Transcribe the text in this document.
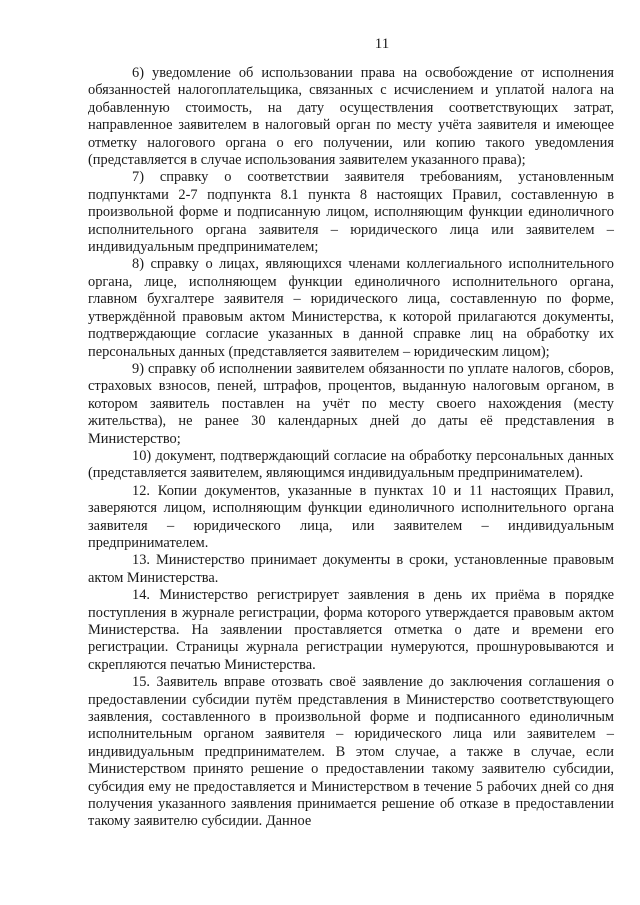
11

6) уведомление об использовании права на освобождение от исполнения обязанностей налогоплательщика, связанных с исчислением и уплатой налога на добавленную стоимость, на дату осуществления соответствующих затрат, направленное заявителем в налоговый орган по месту учёта заявителя и имеющее отметку налогового органа о его получении, или копию такого уведомления (представляется в случае использования заявителем указанного права);

7) справку о соответствии заявителя требованиям, установленным подпунктами 2-7 подпункта 8.1 пункта 8 настоящих Правил, составленную в произвольной форме и подписанную лицом, исполняющим функции единоличного исполнительного органа заявителя – юридического лица или заявителем – индивидуальным предпринимателем;

8) справку о лицах, являющихся членами коллегиального исполнительного органа, лице, исполняющем функции единоличного исполнительного органа, главном бухгалтере заявителя – юридического лица, составленную по форме, утверждённой правовым актом Министерства, к которой прилагаются документы, подтверждающие согласие указанных в данной справке лиц на обработку их персональных данных (представляется заявителем – юридическим лицом);

9) справку об исполнении заявителем обязанности по уплате налогов, сборов, страховых взносов, пеней, штрафов, процентов, выданную налоговым органом, в котором заявитель поставлен на учёт по месту своего нахождения (месту жительства), не ранее 30 календарных дней до даты её представления в Министерство;

10) документ, подтверждающий согласие на обработку персональных данных (представляется заявителем, являющимся индивидуальным предпринимателем).

12. Копии документов, указанные в пунктах 10 и 11 настоящих Правил, заверяются лицом, исполняющим функции единоличного исполнительного органа заявителя – юридического лица, или заявителем – индивидуальным предпринимателем.

13. Министерство принимает документы в сроки, установленные правовым актом Министерства.

14. Министерство регистрирует заявления в день их приёма в порядке поступления в журнале регистрации, форма которого утверждается правовым актом Министерства. На заявлении проставляется отметка о дате и времени его регистрации. Страницы журнала регистрации нумеруются, прошнуровываются и скрепляются печатью Министерства.

15. Заявитель вправе отозвать своё заявление до заключения соглашения о предоставлении субсидии путём представления в Министерство соответствующего заявления, составленного в произвольной форме и подписанного единоличным исполнительным органом заявителя – юридического лица или заявителем – индивидуальным предпринимателем. В этом случае, а также в случае, если Министерством принято решение о предоставлении такому заявителю субсидии, субсидия ему не предоставляется и Министерством в течение 5 рабочих дней со дня получения указанного заявления принимается решение об отказе в предоставлении такому заявителю субсидии. Данное
